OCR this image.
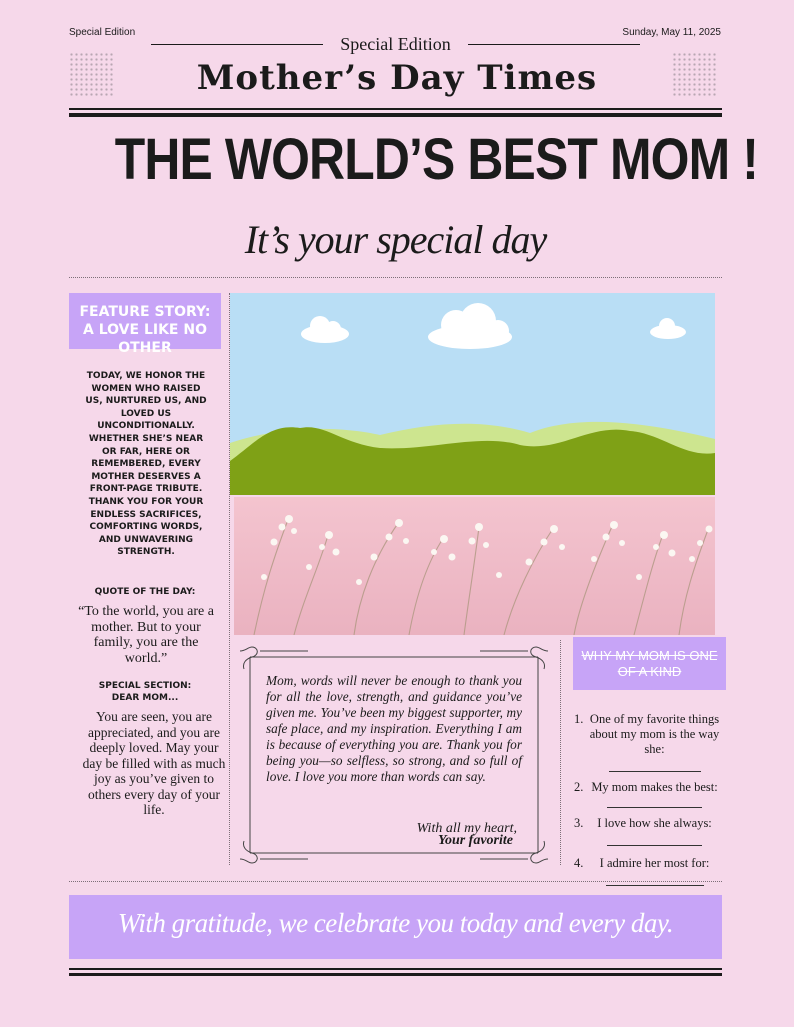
Special Edition	Sunday, May 11, 2025
Special Edition
Mother’s Day Times
THE WORLD’S BEST MOM !
It’s your special day
FEATURE STORY:
A LOVE LIKE NO OTHER
TODAY, WE HONOR THE WOMEN WHO RAISED US, NURTURED US, AND LOVED US UNCONDITIONALLY. WHETHER SHE’S NEAR OR FAR, HERE OR REMEMBERED, EVERY MOTHER DESERVES A FRONT-PAGE TRIBUTE. THANK YOU FOR YOUR ENDLESS SACRIFICES, COMFORTING WORDS, AND UNWAVERING STRENGTH.
QUOTE OF THE DAY:
“To the world, you are a mother. But to your family, you are the world.”
SPECIAL SECTION:
DEAR MOM...
You are seen, you are appreciated, and you are deeply loved. May your day be filled with as much joy as you’ve given to others every day of your life.
Mom, words will never be enough to thank you for all the love, strength, and guidance you’ve given me. You’ve been my biggest supporter, my safe place, and my inspiration. Everything I am is because of everything you are. Thank you for being you—so selfless, so strong, and so full of love. I love you more than words can say.
With all my heart,
Your favorite
WHY MY MOM IS ONE
OF A KIND
1. One of my favorite things about my mom is the way she:
2. My mom makes the best:
3. I love how she always:
4. I admire her most for:
With gratitude, we celebrate you today and every day.
